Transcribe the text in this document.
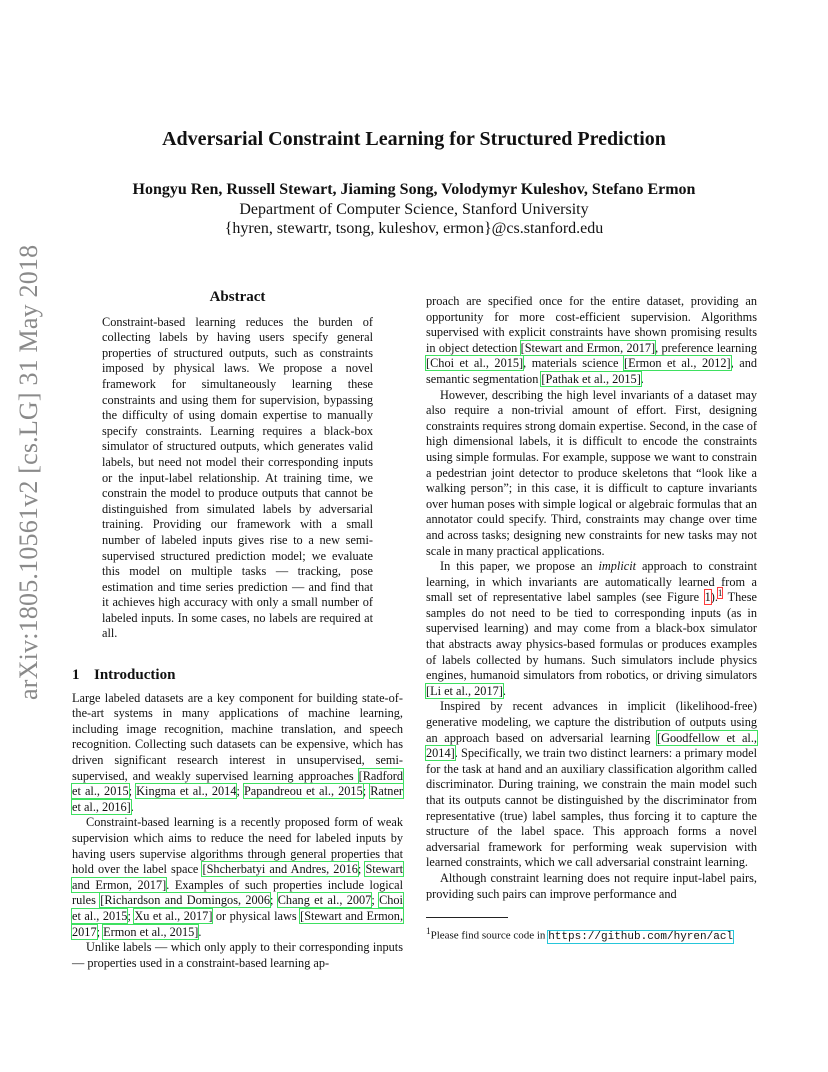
arXiv:1805.10561v2 [cs.LG] 31 May 2018
Adversarial Constraint Learning for Structured Prediction
Hongyu Ren, Russell Stewart, Jiaming Song, Volodymyr Kuleshov, Stefano Ermon
Department of Computer Science, Stanford University
{hyren, stewartr, tsong, kuleshov, ermon}@cs.stanford.edu
Abstract

Constraint-based learning reduces the burden of collecting labels by having users specify general properties of structured outputs, such as constraints imposed by physical laws. We propose a novel framework for simultaneously learning these constraints and using them for supervision, bypassing the difficulty of using domain expertise to manually specify constraints. Learning requires a black-box simulator of structured outputs, which generates valid labels, but need not model their corresponding inputs or the input-label relationship. At training time, we constrain the model to produce outputs that cannot be distinguished from simulated labels by adversarial training. Providing our framework with a small number of labeled inputs gives rise to a new semi-supervised structured prediction model; we evaluate this model on multiple tasks — tracking, pose estimation and time series prediction — and find that it achieves high accuracy with only a small number of labeled inputs. In some cases, no labels are required at all.

1 Introduction

Large labeled datasets are a key component for building state-of-the-art systems in many applications of machine learning, including image recognition, machine translation, and speech recognition. Collecting such datasets can be expensive, which has driven significant research interest in unsupervised, semi-supervised, and weakly supervised learning approaches [Radford et al., 2015; Kingma et al., 2014; Papandreou et al., 2015; Ratner et al., 2016].

Constraint-based learning is a recently proposed form of weak supervision which aims to reduce the need for labeled inputs by having users supervise algorithms through general properties that hold over the label space [Shcherbatyi and Andres, 2016; Stewart and Ermon, 2017]. Examples of such properties include logical rules [Richardson and Domingos, 2006; Chang et al., 2007; Choi et al., 2015; Xu et al., 2017] or physical laws [Stewart and Ermon, 2017; Ermon et al., 2015].

Unlike labels — which only apply to their corresponding inputs — properties used in a constraint-based learning ap-

proach are specified once for the entire dataset, providing an opportunity for more cost-efficient supervision. Algorithms supervised with explicit constraints have shown promising results in object detection [Stewart and Ermon, 2017], preference learning [Choi et al., 2015], materials science [Ermon et al., 2012], and semantic segmentation [Pathak et al., 2015].

However, describing the high level invariants of a dataset may also require a non-trivial amount of effort. First, designing constraints requires strong domain expertise. Second, in the case of high dimensional labels, it is difficult to encode the constraints using simple formulas. For example, suppose we want to constrain a pedestrian joint detector to produce skeletons that “look like a walking person”; in this case, it is difficult to capture invariants over human poses with simple logical or algebraic formulas that an annotator could specify. Third, constraints may change over time and across tasks; designing new constraints for new tasks may not scale in many practical applications.

In this paper, we propose an implicit approach to constraint learning, in which invariants are automatically learned from a small set of representative label samples (see Figure 1).$^1$ These samples do not need to be tied to corresponding inputs (as in supervised learning) and may come from a black-box simulator that abstracts away physics-based formulas or produces examples of labels collected by humans. Such simulators include physics engines, humanoid simulators from robotics, or driving simulators [Li et al., 2017].

Inspired by recent advances in implicit (likelihood-free) generative modeling, we capture the distribution of outputs using an approach based on adversarial learning [Goodfellow et al., 2014]. Specifically, we train two distinct learners: a primary model for the task at hand and an auxiliary classification algorithm called discriminator. During training, we constrain the main model such that its outputs cannot be distinguished by the discriminator from representative (true) label samples, thus forcing it to capture the structure of the label space. This approach forms a novel adversarial framework for performing weak supervision with learned constraints, which we call adversarial constraint learning.

Although constraint learning does not require input-label pairs, providing such pairs can improve performance and

$^1$Please find source code in https://github.com/hyren/acl
